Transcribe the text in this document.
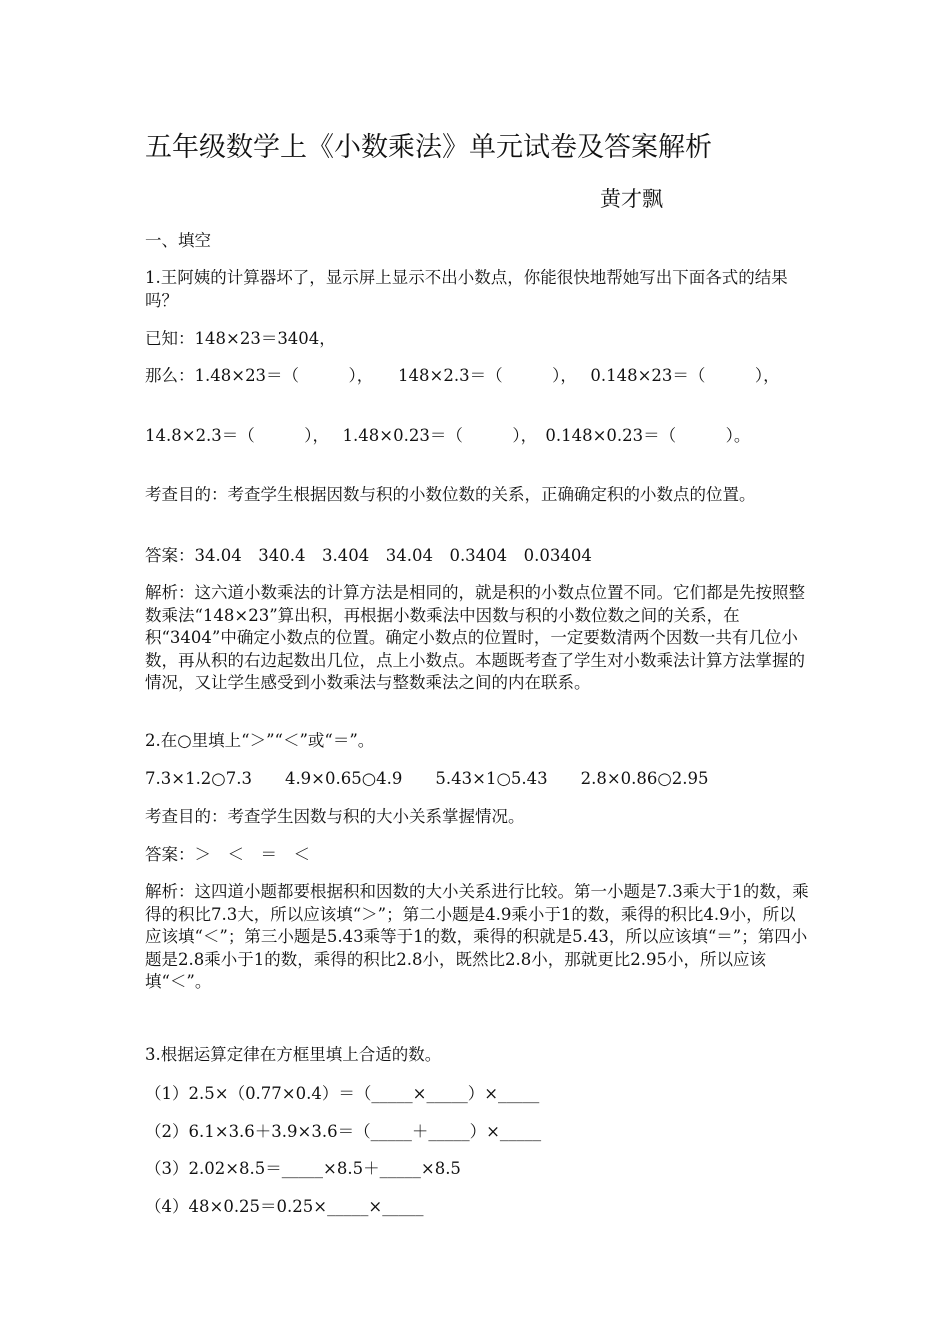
五年级数学上《小数乘法》单元试卷及答案解析
黄才飘

一、填空

1.王阿姨的计算器坏了，显示屏上显示不出小数点，你能很快地帮她写出下面各式的结果吗？

已知：148×23＝3404，

那么：1.48×23＝（　　　），　　148×2.3＝（　　　），　 0.148×23＝（　　　），

14.8×2.3＝（　　　），　 1.48×0.23＝（　　　），　0.148×0.23＝（　　　）。

考查目的：考查学生根据因数与积的小数位数的关系，正确确定积的小数点的位置。

答案：34.04　340.4　3.404　34.04　0.3404　0.03404

解析：这六道小数乘法的计算方法是相同的，就是积的小数点位置不同。它们都是先按照整数乘法“148×23”算出积，再根据小数乘法中因数与积的小数位数之间的关系，在积“3404”中确定小数点的位置。确定小数点的位置时，一定要数清两个因数一共有几位小数，再从积的右边起数出几位，点上小数点。本题既考查了学生对小数乘法计算方法掌握的情况，又让学生感受到小数乘法与整数乘法之间的内在联系。

2.在○里填上“＞”“＜”或“＝”。

7.3×1.2○7.3　　4.9×0.65○4.9　　5.43×1○5.43　　2.8×0.86○2.95

考查目的：考查学生因数与积的大小关系掌握情况。

答案：＞　＜　＝　＜

解析：这四道小题都要根据积和因数的大小关系进行比较。第一小题是7.3乘大于1的数，乘得的积比7.3大，所以应该填“＞”；第二小题是4.9乘小于1的数，乘得的积比4.9小，所以应该填“＜”；第三小题是5.43乘等于1的数，乘得的积就是5.43，所以应该填“＝”；第四小题是2.8乘小于1的数，乘得的积比2.8小，既然比2.8小，那就更比2.95小，所以应该填“＜”。

3.根据运算定律在方框里填上合适的数。

（1）2.5×（0.77×0.4）＝（_____×_____）×_____

（2）6.1×3.6＋3.9×3.6＝（_____＋_____）×_____

（3）2.02×8.5＝_____×8.5＋_____×8.5

（4）48×0.25＝0.25×_____×_____
